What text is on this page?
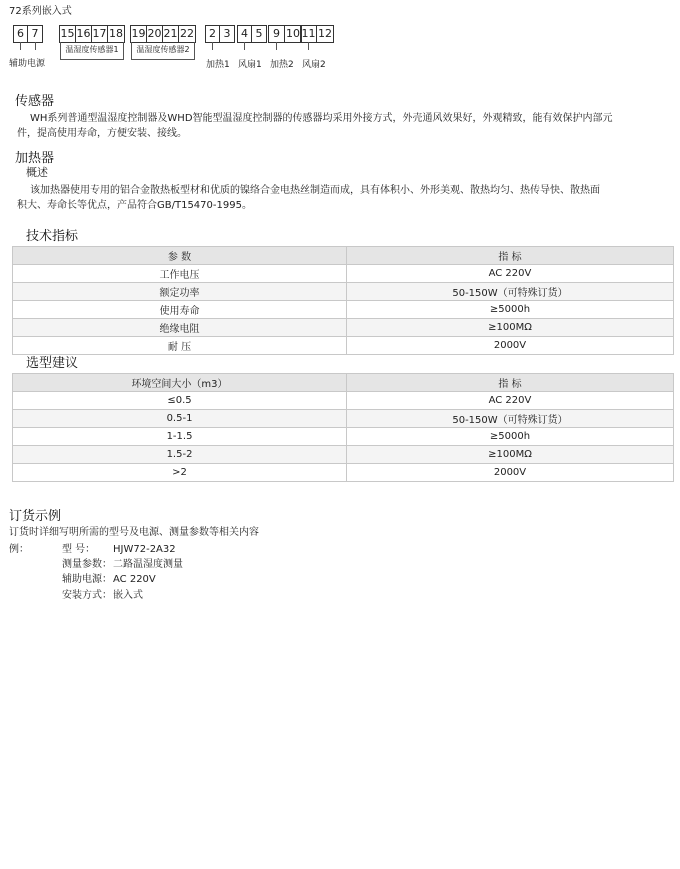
72系列嵌入式
6 7
辅助电源
15 16 17 18
温湿度传感器1
19 20 21 22
温湿度传感器2
2 3 4 5 9 10 11 12
加热1 风扇1 加热2 风扇2
传感器
WH系列普通型温湿度控制器及WHD智能型温湿度控制器的传感器均采用外接方式，外壳通风效果好，外观精致，能有效保护内部元
件，提高使用寿命，方便安装、接线。
加热器
概述
该加热器使用专用的铝合金散热板型材和优质的镍络合金电热丝制造而成，具有体积小、外形美观、散热均匀、热传导快、散热面
积大、寿命长等优点，产品符合GB/T15470-1995。
技术指标
参 数	指 标
工作电压	AC 220V
额定功率	50-150W（可特殊订货）
使用寿命	≥5000h
绝缘电阻	≥100MΩ
耐 压	2000V
选型建议
环境空间大小（m3）	指 标
≤0.5	AC 220V
0.5-1	50-150W（可特殊订货）
1-1.5	≥5000h
1.5-2	≥100MΩ
>2	2000V
订货示例
订货时详细写明所需的型号及电源、测量参数等相关内容
例：	型 号： HJW72-2A32
测量参数： 二路温湿度测量
辅助电源： AC 220V
安装方式： 嵌入式
